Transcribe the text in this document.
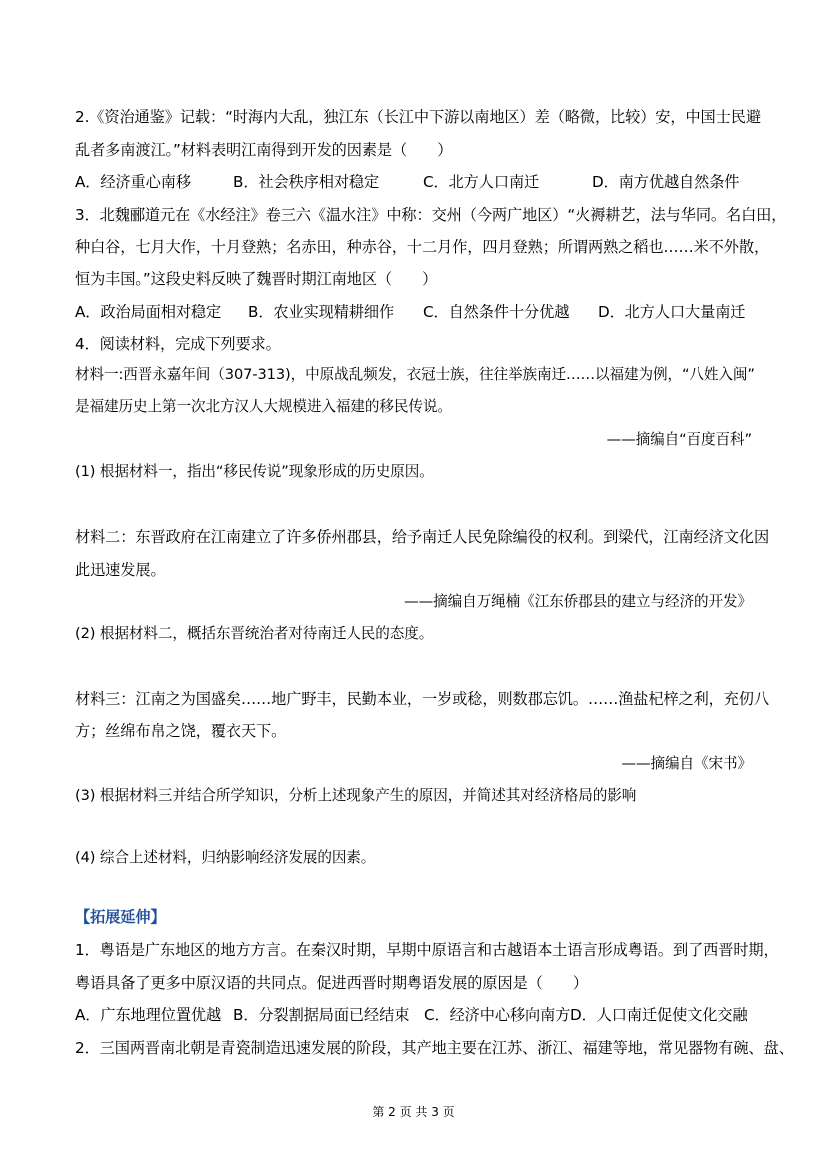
2.《资治通鉴》记载：“时海内大乱，独江东（长江中下游以南地区）差（略微，比较）安，中国士民避
乱者多南渡江。”材料表明江南得到开发的因素是（　　）
A．经济重心南移	B．社会秩序相对稳定	C．北方人口南迁	D．南方优越自然条件
3．北魏郦道元在《水经注》卷三六《温水注》中称：交州（今两广地区）“火褥耕艺，法与华同。名白田，
种白谷，七月大作，十月登熟；名赤田，种赤谷，十二月作，四月登熟；所谓两熟之稻也……米不外散，
恒为丰国。”这段史料反映了魏晋时期江南地区（　　）
A．政治局面相对稳定	B．农业实现精耕细作	C．自然条件十分优越	D．北方人口大量南迁
4．阅读材料，完成下列要求。
材料一:西晋永嘉年间（307-313)，中原战乱频发，衣冠士族，往往举族南迁……以福建为例，“八姓入闽”
是福建历史上第一次北方汉人大规模进入福建的移民传说。
——摘编自“百度百科”
(1) 根据材料一，指出“移民传说”现象形成的历史原因。
材料二：东晋政府在江南建立了许多侨州郡县，给予南迁人民免除编役的权利。到梁代，江南经济文化因
此迅速发展。
——摘编自万绳楠《江东侨郡县的建立与经济的开发》
(2) 根据材料二，概括东晋统治者对待南迁人民的态度。
材料三：江南之为国盛矣……地广野丰，民勤本业，一岁或稔，则数郡忘饥。……渔盐杞梓之利，充仞八
方；丝绵布帛之饶，覆衣天下。
——摘编自《宋书》
(3) 根据材料三并结合所学知识，分析上述现象产生的原因，并简述其对经济格局的影响
(4) 综合上述材料，归纳影响经济发展的因素。
【拓展延伸】
1．粤语是广东地区的地方方言。在秦汉时期，早期中原语言和古越语本土语言形成粤语。到了西晋时期，
粤语具备了更多中原汉语的共同点。促进西晋时期粤语发展的原因是（　　）
A．广东地理位置优越 B．分裂割据局面已经结束 C．经济中心移向南方 D．人口南迁促使文化交融
2．三国两晋南北朝是青瓷制造迅速发展的阶段，其产地主要在江苏、浙江、福建等地，常见器物有碗、盘、
第 2 页 共 3 页
